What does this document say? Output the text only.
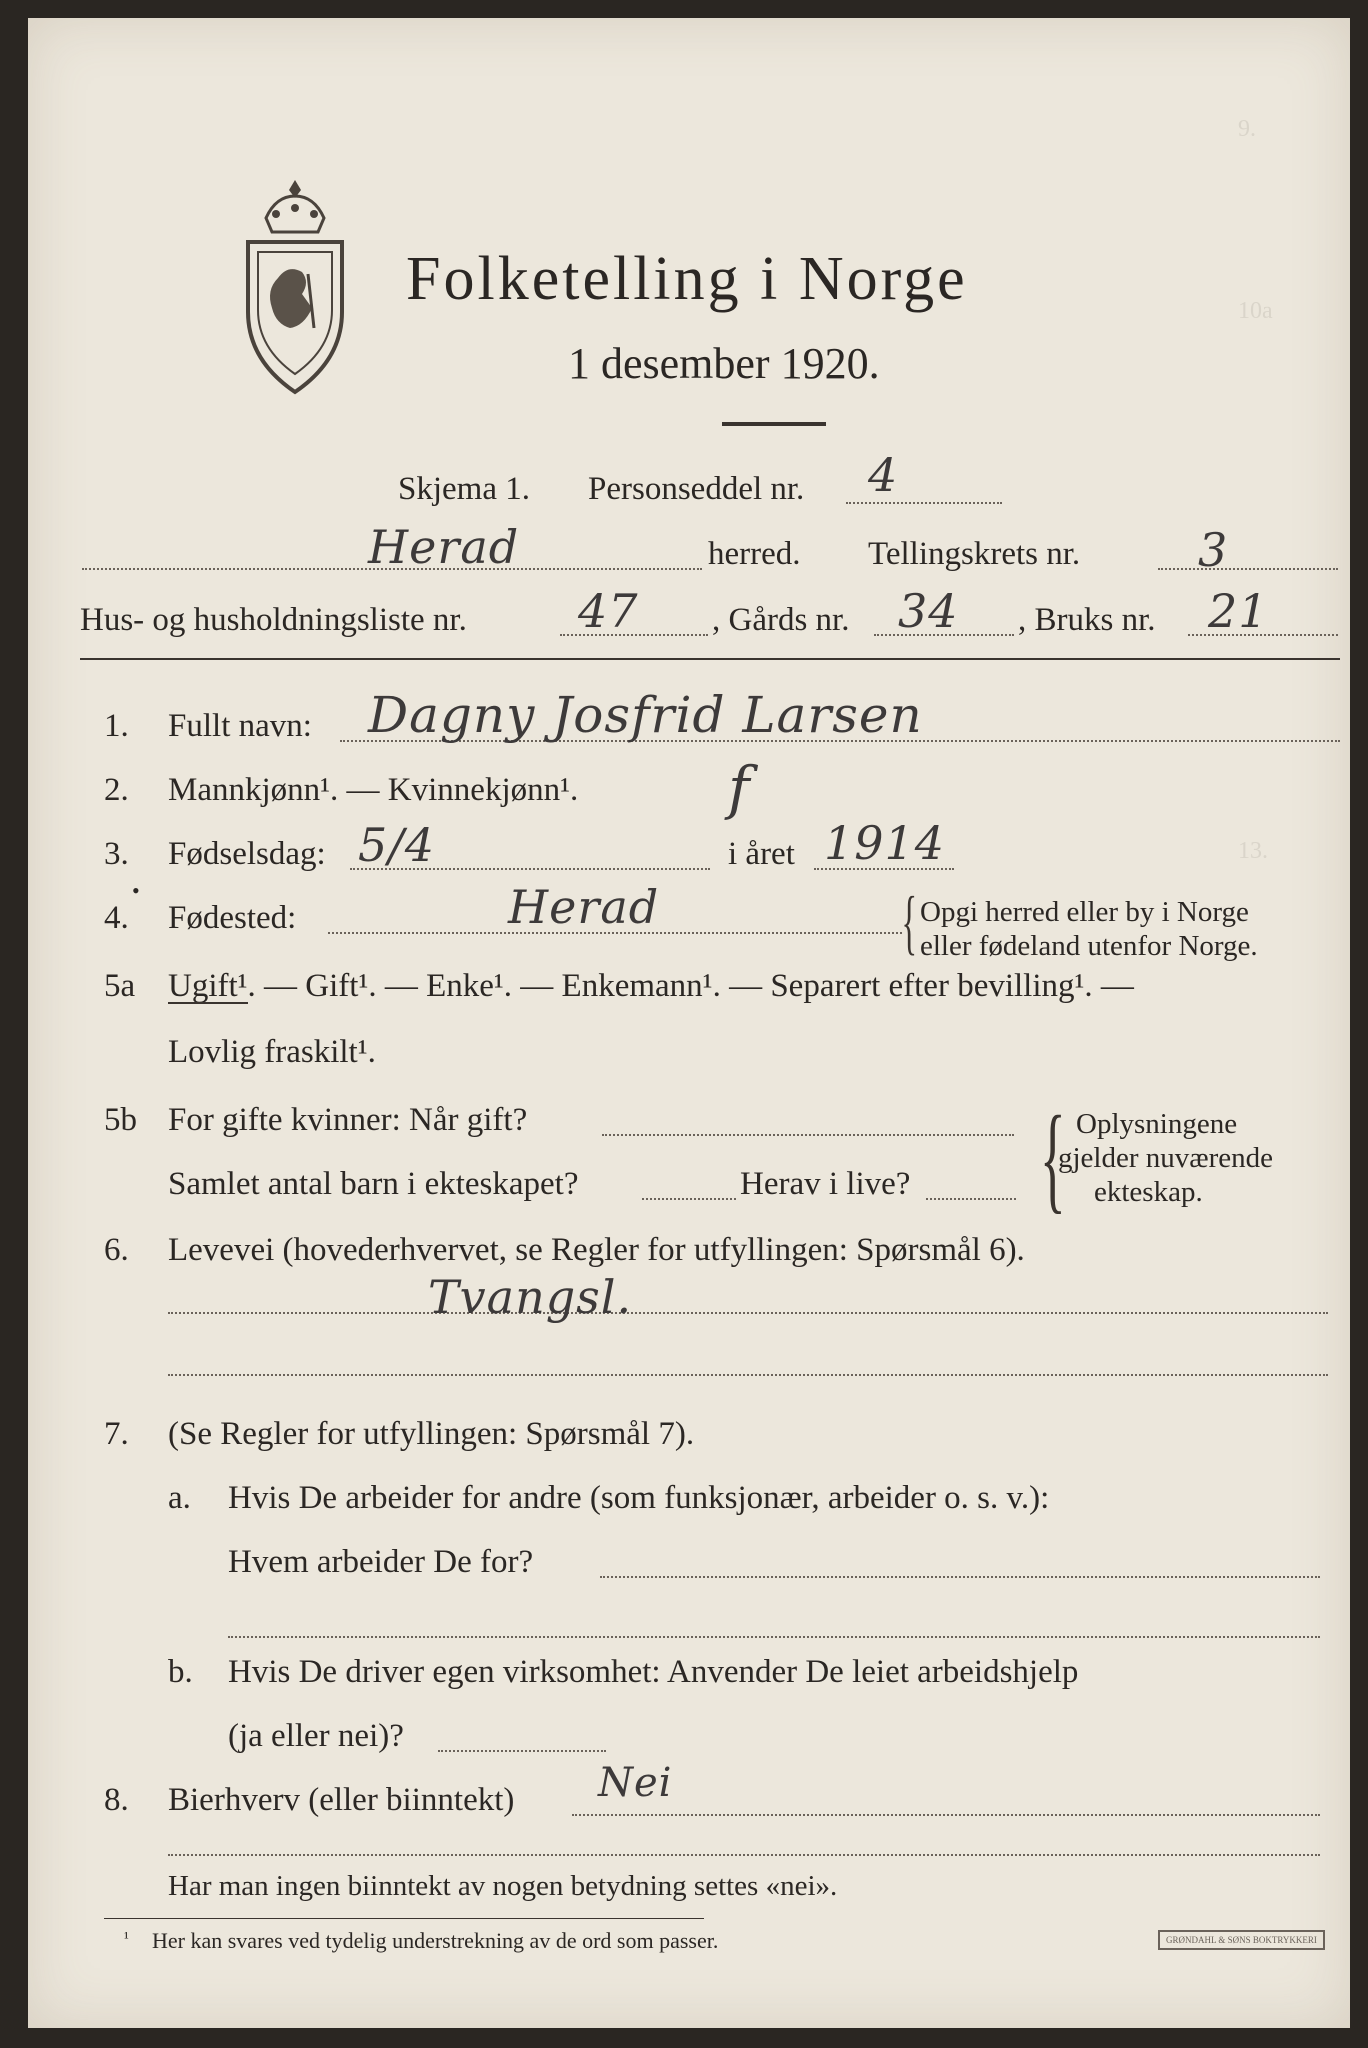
9.
10a
13.
Folketelling i Norge
1 desember 1920.
Skjema 1. Personseddel nr. 4
Herad	herred. Tellingskrets nr.	3
Hus- og husholdningsliste nr. 47 , Gårds nr. 34 , Bruks nr. 21
1. Fullt navn: Dagny Josfrid Larsen
2. Mannkjønn¹. — Kvinnekjønn¹.	f
3. Fødselsdag: 5/4	i året 1914
•
4. Fødested:	Herad	{ Opgi herred eller by i Norge
eller fødeland utenfor Norge.
5a Ugift¹. — Gift¹. — Enke¹. — Enkemann¹. — Separert efter bevilling¹. —
Lovlig fraskilt¹.
5b For gifte kvinner: Når gift?
Samlet antal barn i ekteskapet?	Herav i live? { Oplysningene
gjelder nuværende
ekteskap.
6. Levevei (hovederhvervet, se Regler for utfyllingen: Spørsmål 6).
Tvangsl.
7. (Se Regler for utfyllingen: Spørsmål 7).
a. Hvis De arbeider for andre (som funksjonær, arbeider o. s. v.):
Hvem arbeider De for?
b. Hvis De driver egen virksomhet: Anvender De leiet arbeidshjelp
(ja eller nei)?
8. Bierhverv (eller biinntekt) Nei
Har man ingen biinntekt av nogen betydning settes «nei».
¹ Her kan svares ved tydelig understrekning av de ord som passer.	GRØNDAHL & SØNS BOKTRYKKERI
